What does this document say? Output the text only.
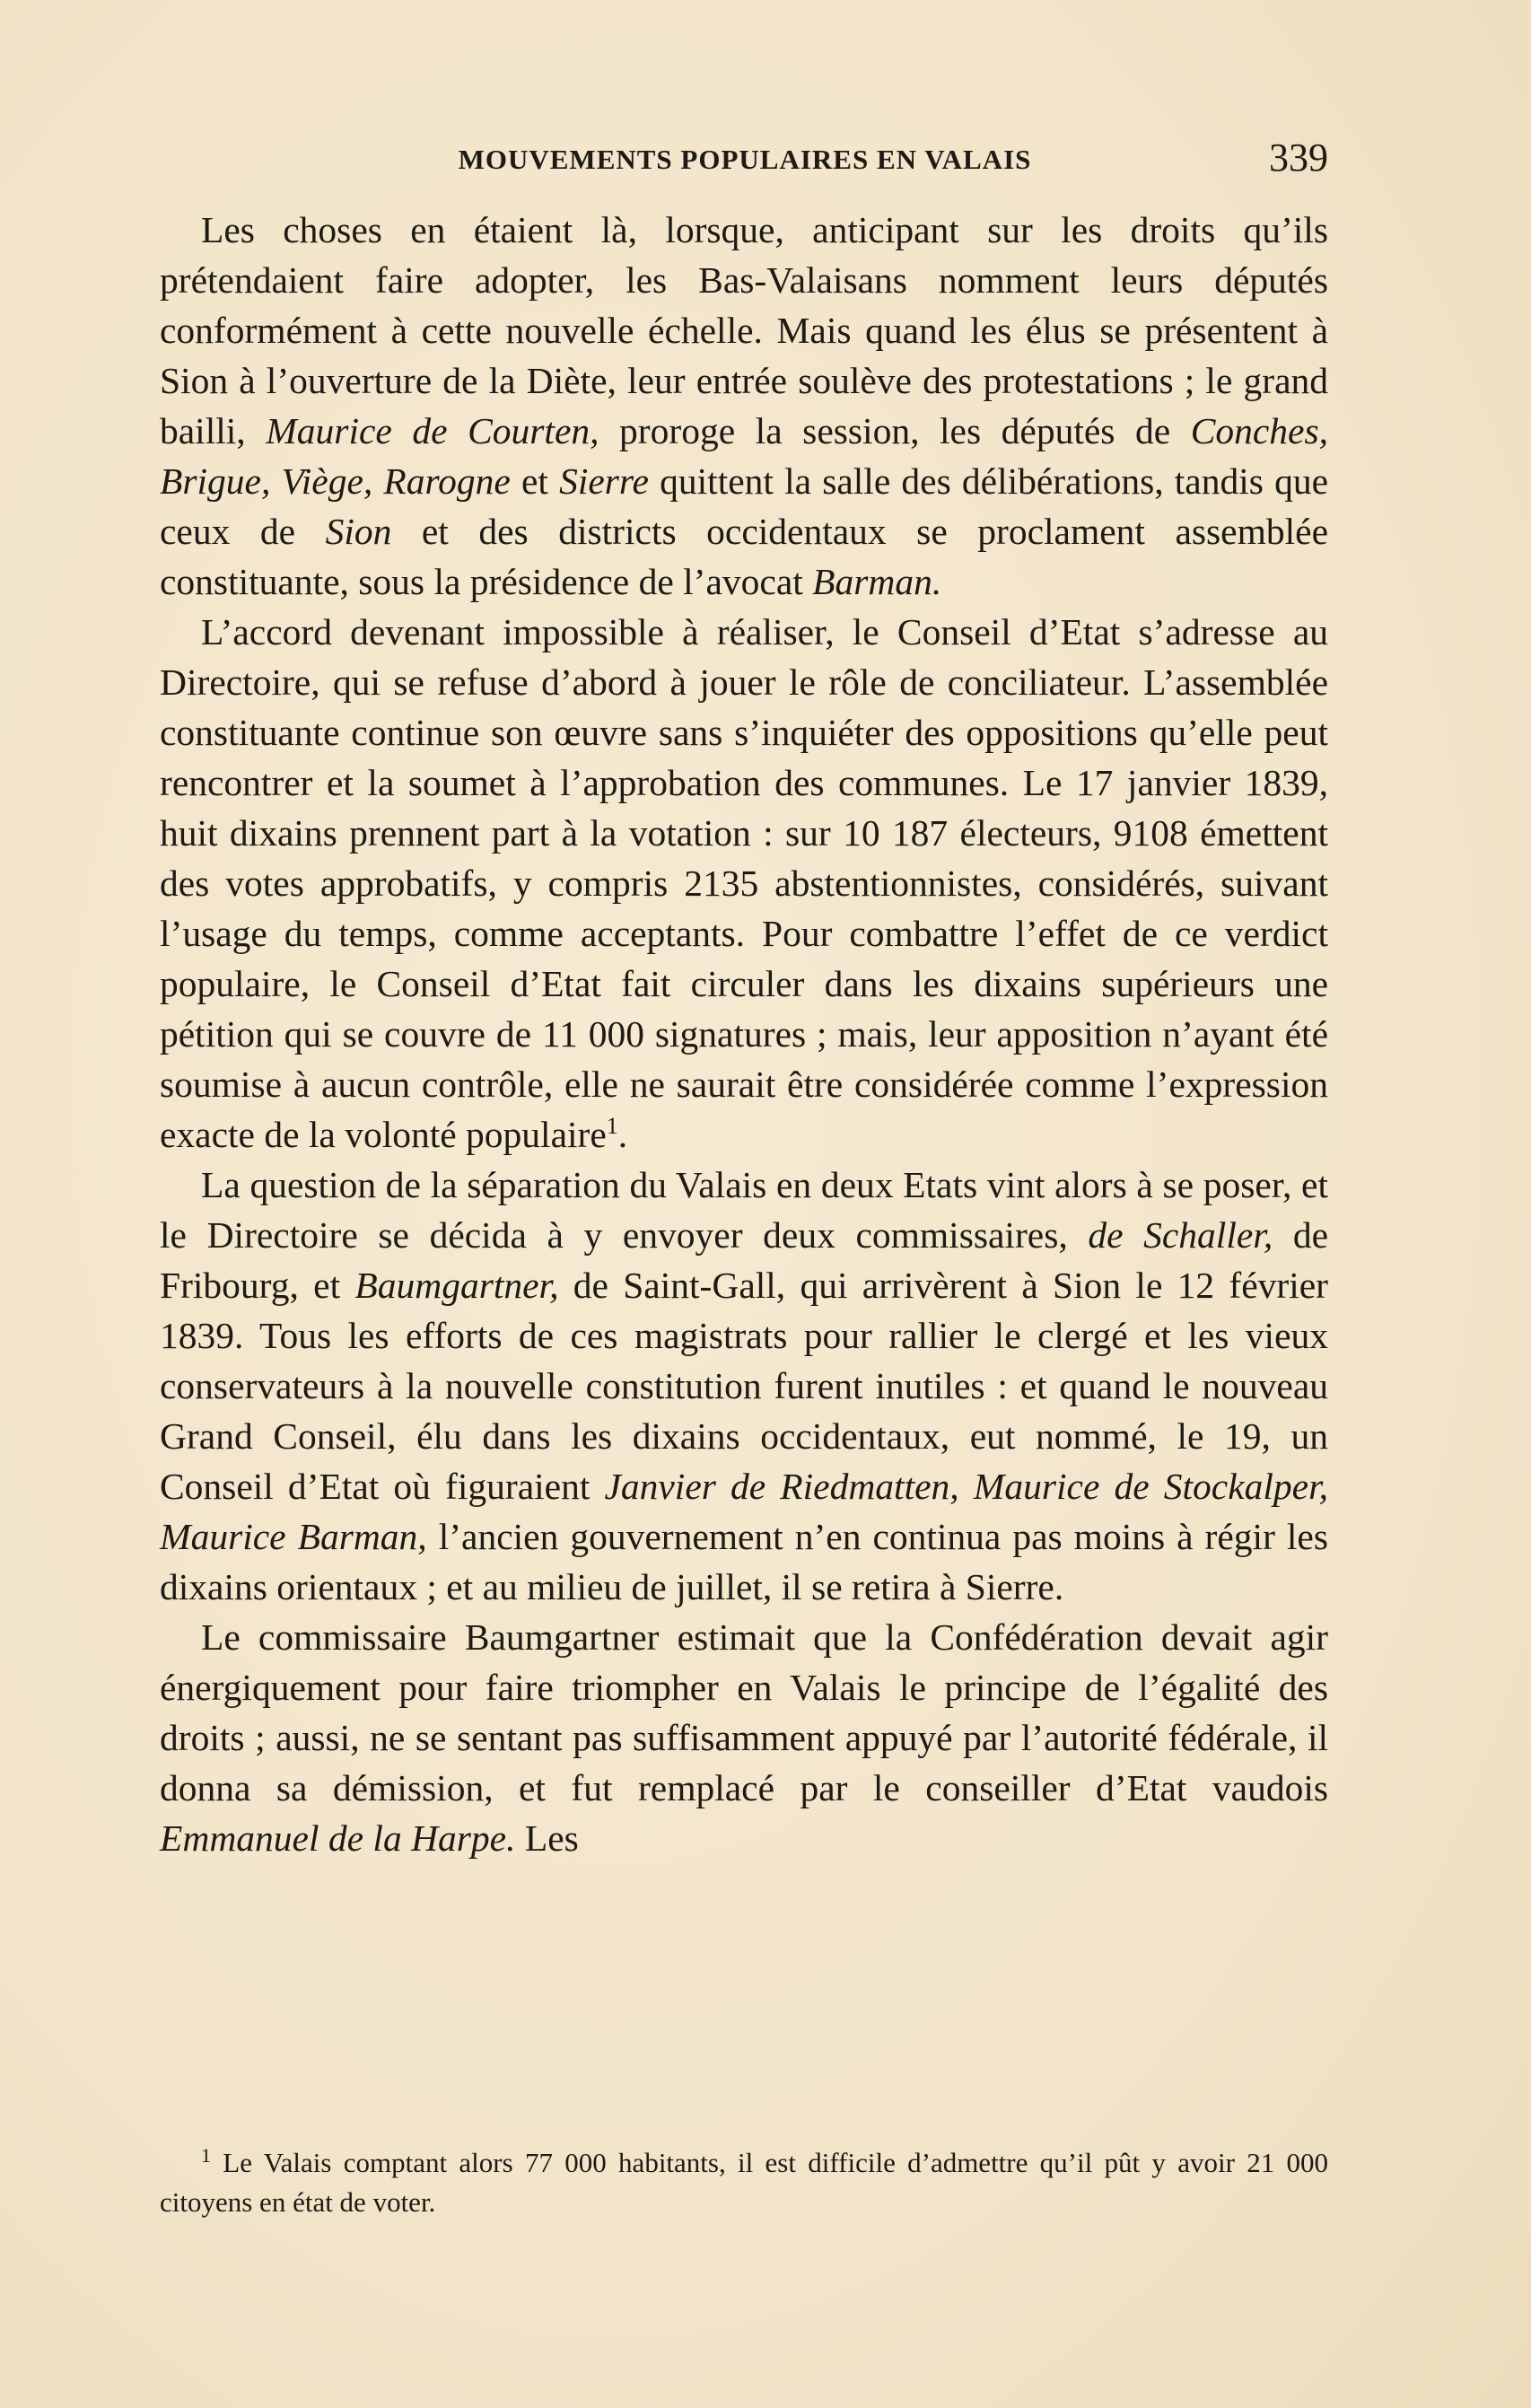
MOUVEMENTS POPULAIRES EN VALAIS	339

Les choses en étaient là, lorsque, anticipant sur les droits qu’ils prétendaient faire adopter, les Bas-Valaisans nomment leurs députés conformément à cette nouvelle échelle. Mais quand les élus se présentent à Sion à l’ouverture de la Diète, leur entrée soulève des protestations ; le grand bailli, Maurice de Courten, proroge la session, les députés de Conches, Brigue, Viège, Rarogne et Sierre quittent la salle des délibérations, tandis que ceux de Sion et des districts occidentaux se proclament assemblée constituante, sous la présidence de l’avocat Barman.

L’accord devenant impossible à réaliser, le Conseil d’Etat s’adresse au Directoire, qui se refuse d’abord à jouer le rôle de conciliateur. L’assemblée constituante continue son œuvre sans s’inquiéter des oppositions qu’elle peut rencontrer et la soumet à l’approbation des communes. Le 17 janvier 1839, huit dixains prennent part à la votation : sur 10 187 électeurs, 9108 émettent des votes approbatifs, y compris 2135 abstentionnistes, considérés, suivant l’usage du temps, comme acceptants. Pour combattre l’effet de ce verdict populaire, le Conseil d’Etat fait circuler dans les dixains supérieurs une pétition qui se couvre de 11 000 signatures ; mais, leur apposition n’ayant été soumise à aucun contrôle, elle ne saurait être considérée comme l’expression exacte de la volonté populaire$^1$.

La question de la séparation du Valais en deux Etats vint alors à se poser, et le Directoire se décida à y envoyer deux commissaires, de Schaller, de Fribourg, et Baumgartner, de Saint-Gall, qui arrivèrent à Sion le 12 février 1839. Tous les efforts de ces magistrats pour rallier le clergé et les vieux conservateurs à la nouvelle constitution furent inutiles : et quand le nouveau Grand Conseil, élu dans les dixains occidentaux, eut nommé, le 19, un Conseil d’Etat où figuraient Janvier de Riedmatten, Maurice de Stockalper, Maurice Barman, l’ancien gouvernement n’en continua pas moins à régir les dixains orientaux ; et au milieu de juillet, il se retira à Sierre.

Le commissaire Baumgartner estimait que la Confédération devait agir énergiquement pour faire triompher en Valais le principe de l’égalité des droits ; aussi, ne se sentant pas suffisamment appuyé par l’autorité fédérale, il donna sa démission, et fut remplacé par le conseiller d’Etat vaudois Emmanuel de la Harpe. Les

$^1$ Le Valais comptant alors 77 000 habitants, il est difficile d’admettre qu’il pût y avoir 21 000 citoyens en état de voter.
